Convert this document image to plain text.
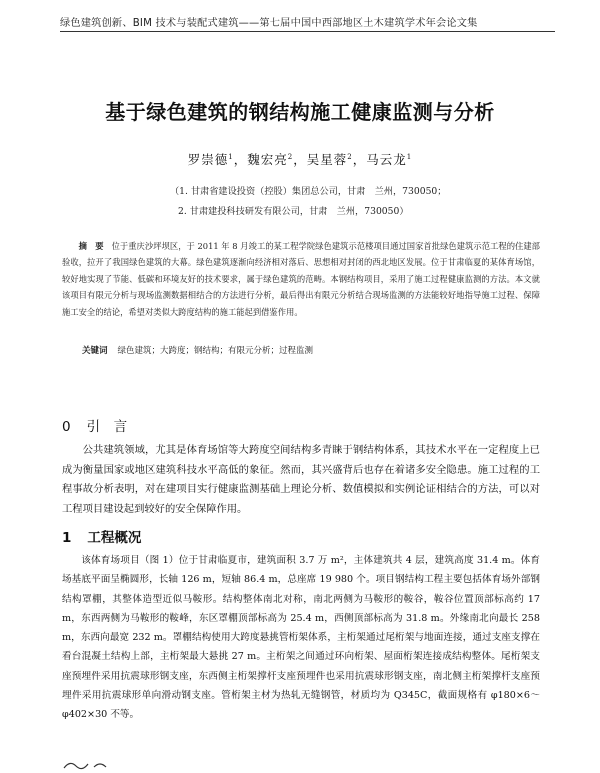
绿色建筑创新、BIM 技术与装配式建筑——第七届中国中西部地区土木建筑学术年会论文集
基于绿色建筑的钢结构施工健康监测与分析
罗崇德$^1$，魏宏亮$^2$，吴星蓉$^2$，马云龙$^1$
（1. 甘肃省建设投资（控股）集团总公司，甘肃　兰州，730050；
2. 甘肃建投科技研发有限公司，甘肃　兰州，730050）
摘　要 位于重庆沙坪坝区，于 2011 年 8 月竣工的某工程学院绿色建筑示范楼项目通过国家首批绿色建筑示范工程的住建部验收，拉开了我国绿色建筑的大幕。绿色建筑逐渐向经济相对落后、思想相对封闭的西北地区发展。位于甘肃临夏的某体育场馆，较好地实现了节能、低碳和环境友好的技术要求，属于绿色建筑的范畴。本钢结构项目，采用了施工过程健康监测的方法。本文就该项目有限元分析与现场监测数据相结合的方法进行分析，最后得出有限元分析结合现场监测的方法能较好地指导施工过程、保障施工安全的结论，希望对类似大跨度结构的施工能起到借鉴作用。
关键词 绿色建筑；大跨度；钢结构；有限元分析；过程监测
0 引　言
公共建筑领域，尤其是体育场馆等大跨度空间结构多青睐于钢结构体系，其技术水平在一定程度上已成为衡量国家或地区建筑科技水平高低的象征。然而，其兴盛背后也存在着诸多安全隐患。施工过程的工程事故分析表明，对在建项目实行健康监测基础上理论分析、数值模拟和实例论证相结合的方法，可以对工程项目建设起到较好的安全保障作用。
1 工程概况
该体育场项目（图 1）位于甘肃临夏市，建筑面积 3.7 万 m²，主体建筑共 4 层，建筑高度 31.4 m。体育场基底平面呈椭圆形，长轴 126 m，短轴 86.4 m，总座席 19 980 个。项目钢结构工程主要包括体育场外部钢结构罩棚，其整体造型近似马鞍形。结构整体南北对称，南北两侧为马鞍形的鞍谷，鞍谷位置顶部标高约 17 m，东西两侧为马鞍形的鞍峰，东区罩棚顶部标高为 25.4 m，西侧顶部标高为 31.8 m。外缘南北向最长 258 m，东西向最宽 232 m。罩棚结构使用大跨度悬挑管桁架体系，主桁架通过尾桁架与地面连接，通过支座支撑在看台混凝土结构上部，主桁架最大悬挑 27 m。主桁架之间通过环向桁架、屋面桁架连接成结构整体。尾桁架支座预埋件采用抗震球形钢支座，东西侧主桁架撑杆支座预埋件也采用抗震球形钢支座，南北侧主桁架撑杆支座预埋件采用抗震球形单向滑动钢支座。管桁架主材为热轧无缝钢管，材质均为 Q345C，截面规格有 φ180×6～φ402×30 不等。
